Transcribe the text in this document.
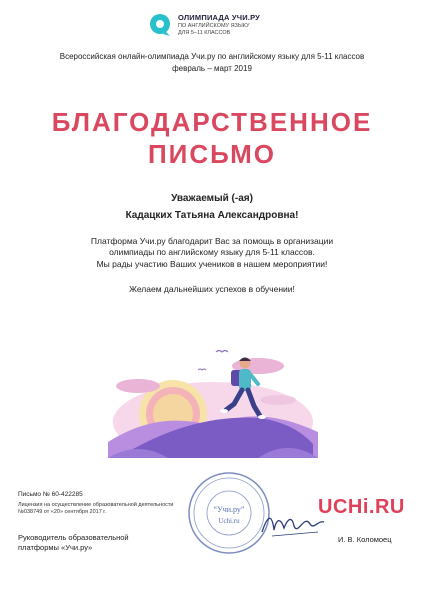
ОЛИМПИАДА УЧИ.РУ
ПО АНГЛИЙСКОМУ ЯЗЫКУ
ДЛЯ 5–11 КЛАССОВ
Всероссийская онлайн-олимпиада Учи.ру по английскому языку для 5-11 классов
февраль – март 2019
БЛАГОДАРСТВЕННОЕ
ПИСЬМО
Уважаемый (-ая)
Кадацких Татьяна Александровна!
Платформа Учи.ру благодарит Вас за помощь в организации
олимпиады по английскому языку для 5-11 классов.
Мы рады участию Ваших учеников в нашем мероприятии!
Желаем дальнейших успехов в обучении!
Письмо № 60-422285
Лицензия на осуществление образовательной деятельности №038749 от «20» сентября 2017 г.
Руководитель образовательной платформы «Учи.ру»
“Учи.ру”
Uchi.ru
UCHi.RU
И. В. Коломоец
